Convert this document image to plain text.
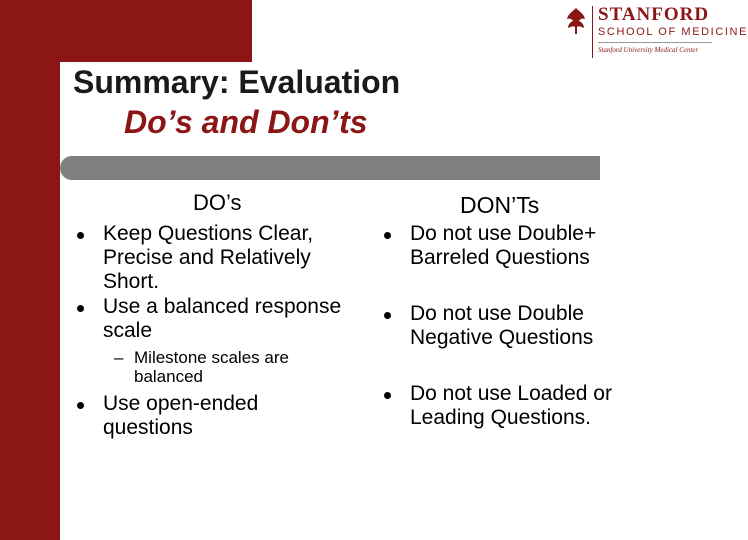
STANFORD
SCHOOL OF MEDICINE
Stanford University Medical Center
Summary: Evaluation
Do’s and Don’ts
DO’s	DON’Ts
Keep Questions Clear, Precise and Relatively Short.
Use a balanced response scale
– Milestone scales are balanced
Use open-ended questions
Do not use Double+ Barreled Questions
Do not use Double Negative Questions
Do not use Loaded or Leading Questions.
